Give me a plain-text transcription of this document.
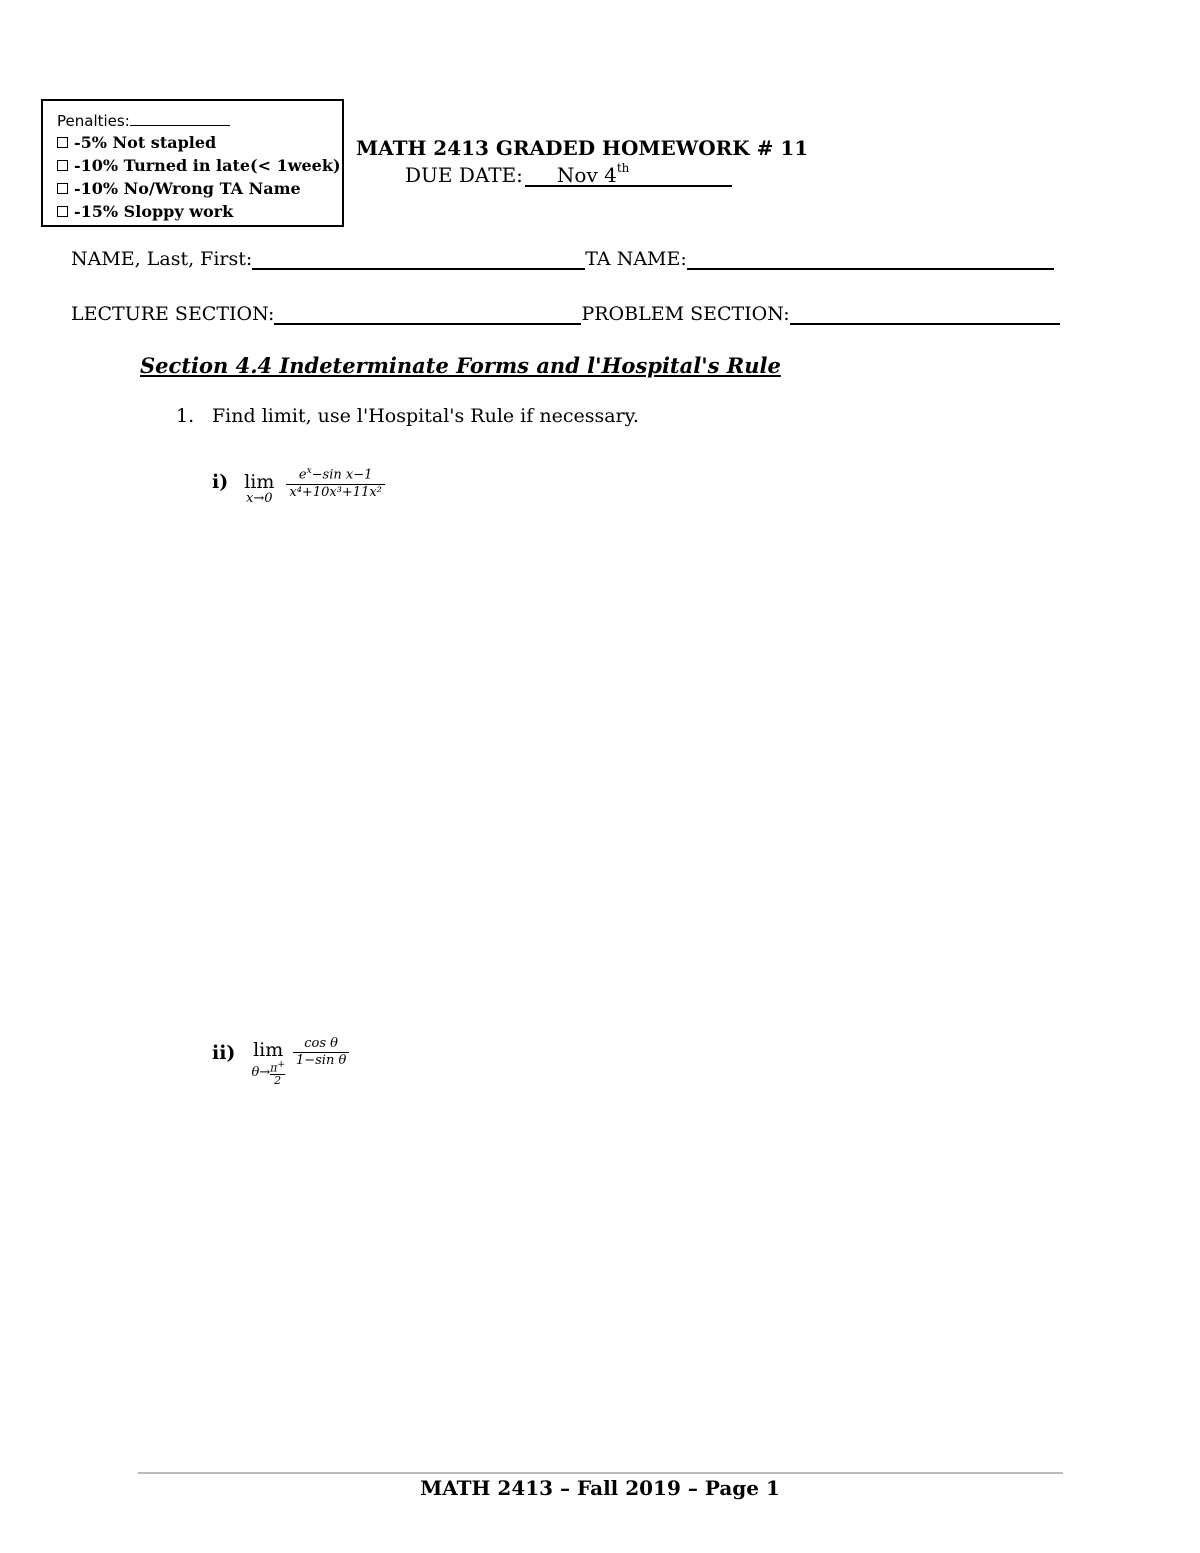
Penalties:
-5% Not stapled
-10% Turned in late(< 1week)
-10% No/Wrong TA Name
-15% Sloppy work
MATH 2413 GRADED HOMEWORK # 11
DUE DATE:	Nov 4th
NAME, Last, First:	TA NAME:
LECTURE SECTION:	PROBLEM SECTION:
Section 4.4 Indeterminate Forms and l'Hospital's Rule
1. Find limit, use l'Hospital's Rule if necessary.
i) lim
$x\to 0 \frac{e^x-\sin x-1}{\text{x⁴+10x³+11x²}}$
ii) lim
$\theta\to \frac{\pi^+}{2}$
$\frac{\text{cos θ}}{\text{1−sin θ}}$
MATH 2413 – Fall 2019 – Page 1
